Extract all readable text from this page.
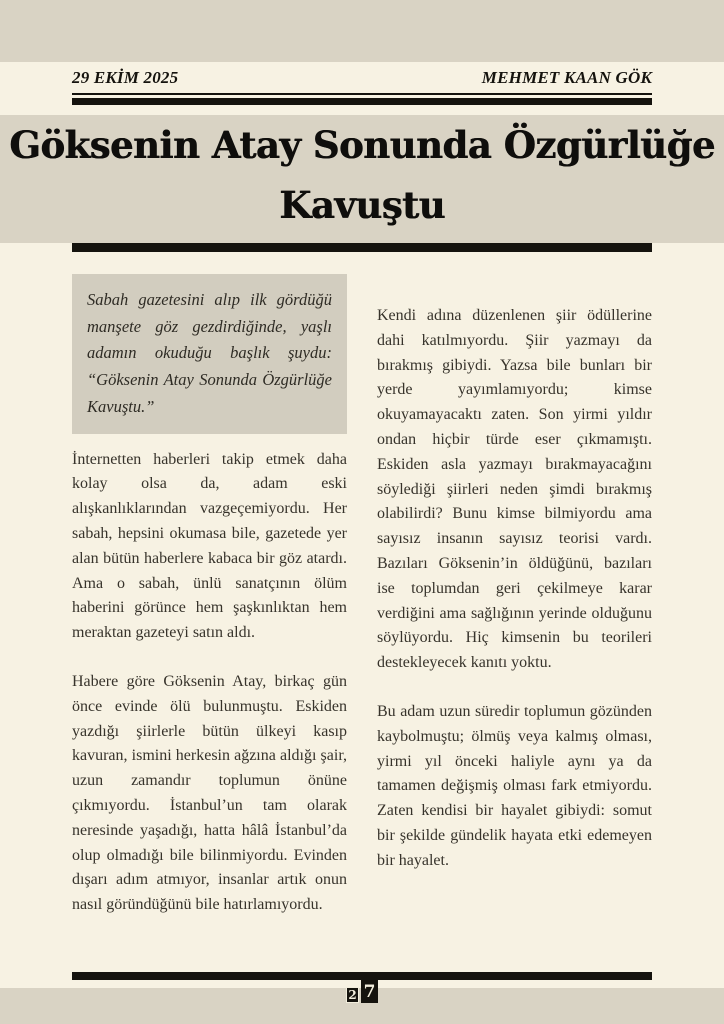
29 EKİM 2025	MEHMET KAAN GÖK
Göksenin Atay Sonunda Özgürlüğe
Kavuştu
Sabah gazetesini alıp ilk gördüğü manşete göz gezdirdiğinde, yaşlı adamın okuduğu başlık şuydu: “Göksenin Atay Sonunda Özgürlüğe Kavuştu.”

İnternetten haberleri takip etmek daha kolay olsa da, adam eski alışkanlıklarından vazgeçemiyordu. Her sabah, hepsini okumasa bile, gazetede yer alan bütün haberlere kabaca bir göz atardı. Ama o sabah, ünlü sanatçının ölüm haberini görünce hem şaşkınlıktan hem meraktan gazeteyi satın aldı.

Habere göre Göksenin Atay, birkaç gün önce evinde ölü bulunmuştu. Eskiden yazdığı şiirlerle bütün ülkeyi kasıp kavuran, ismini herkesin ağzına aldığı şair, uzun zamandır toplumun önüne çıkmıyordu. İstanbul’un tam olarak neresinde yaşadığı, hatta hâlâ İstanbul’da olup olmadığı bile bilinmiyordu. Evinden dışarı adım atmıyor, insanlar artık onun nasıl göründüğünü bile hatırlamıyordu.

Kendi adına düzenlenen şiir ödüllerine dahi katılmıyordu. Şiir yazmayı da bırakmış gibiydi. Yazsa bile bunları bir yerde yayımlamıyordu; kimse okuyamayacaktı zaten. Son yirmi yıldır ondan hiçbir türde eser çıkmamıştı. Eskiden asla yazmayı bırakmayacağını söylediği şiirleri neden şimdi bırakmış olabilirdi? Bunu kimse bilmiyordu ama sayısız insanın sayısız teorisi vardı. Bazıları Göksenin’in öldüğünü, bazıları ise toplumdan geri çekilmeye karar verdiğini ama sağlığının yerinde olduğunu söylüyordu. Hiç kimsenin bu teorileri destekleyecek kanıtı yoktu.

Bu adam uzun süredir toplumun gözünden kaybolmuştu; ölmüş veya kalmış olması, yirmi yıl önceki haliyle aynı ya da tamamen değişmiş olması fark etmiyordu. Zaten kendisi bir hayalet gibiydi: somut bir şekilde gündelik hayata etki edemeyen bir hayalet.

2 7
